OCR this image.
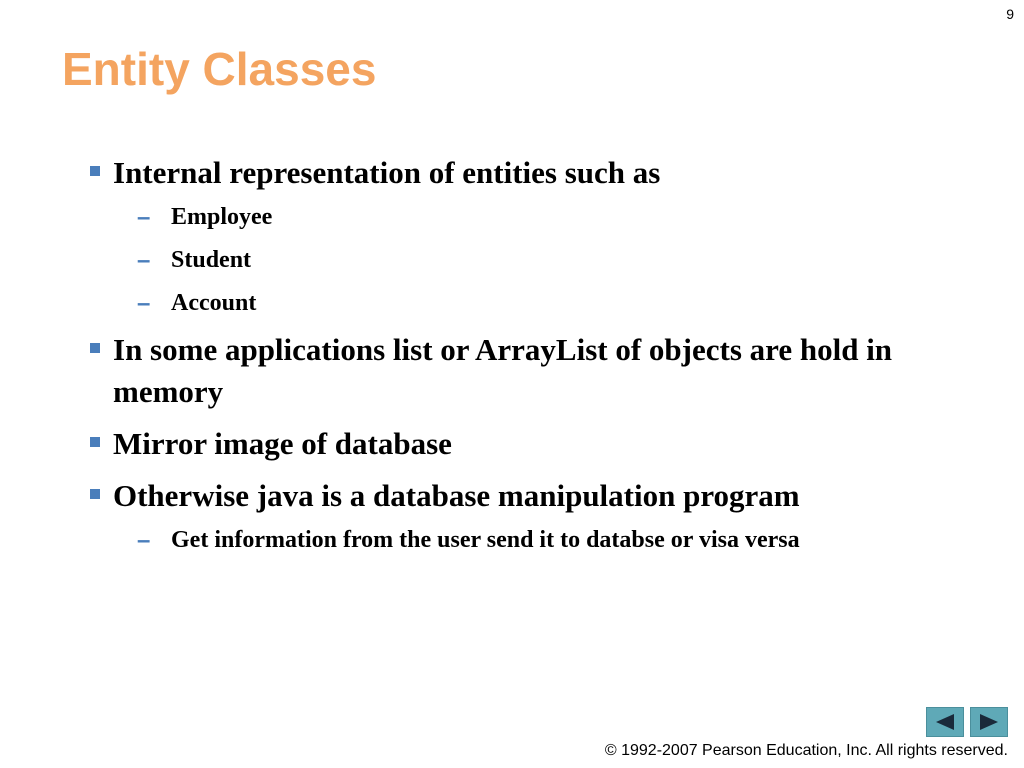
9
Entity Classes
Internal representation of entities such as
– Employee
– Student
– Account
In some applications list or ArrayList of objects are hold in memory
Mirror image of database
Otherwise java is a database manipulation program
– Get information from the user send it to databse or visa versa
© 1992-2007 Pearson Education, Inc. All rights reserved.
